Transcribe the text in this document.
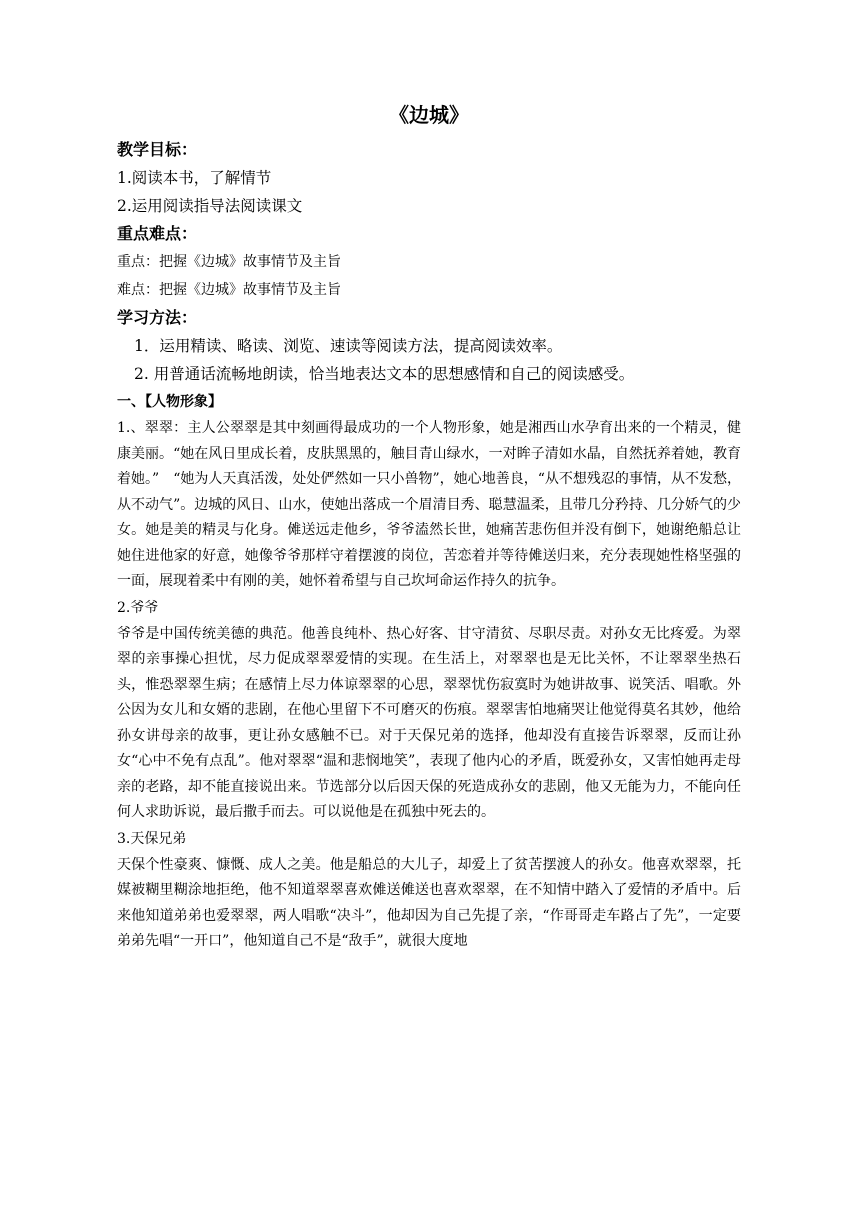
《边城》

教学目标：

1.阅读本书，了解情节

2.运用阅读指导法阅读课文

重点难点：

重点：把握《边城》故事情节及主旨

难点：把握《边城》故事情节及主旨

学习方法：

1．运用精读、略读、浏览、速读等阅读方法，提高阅读效率。

2. 用普通话流畅地朗读，恰当地表达文本的思想感情和自己的阅读感受。

一、【人物形象】

1.、翠翠：主人公翠翠是其中刻画得最成功的一个人物形象，她是湘西山水孕育出来的一个精灵，健康美丽。“她在风日里成长着，皮肤黑黑的，触目青山绿水，一对眸子清如水晶，自然抚养着她，教育着她。”　“她为人天真活泼，处处俨然如一只小兽物”，她心地善良，“从不想残忍的事情，从不发愁，从不动气”。边城的风日、山水，使她出落成一个眉清目秀、聪慧温柔，且带几分矜持、几分娇气的少女。她是美的精灵与化身。傩送远走他乡，爷爷溘然长世，她痛苦悲伤但并没有倒下，她谢绝船总让她住进他家的好意，她像爷爷那样守着摆渡的岗位，苦恋着并等待傩送归来，充分表现她性格坚强的一面，展现着柔中有刚的美，她怀着希望与自己坎坷命运作持久的抗争。

2.爷爷

爷爷是中国传统美德的典范。他善良纯朴、热心好客、甘守清贫、尽职尽责。对孙女无比疼爱。为翠翠的亲事操心担忧，尽力促成翠翠爱情的实现。在生活上，对翠翠也是无比关怀，不让翠翠坐热石头，惟恐翠翠生病；在感情上尽力体谅翠翠的心思，翠翠忧伤寂寞时为她讲故事、说笑活、唱歌。外公因为女儿和女婿的悲剧，在他心里留下不可磨灭的伤痕。翠翠害怕地痛哭让他觉得莫名其妙，他给孙女讲母亲的故事，更让孙女感触不已。对于天保兄弟的选择，他却没有直接告诉翠翠，反而让孙女“心中不免有点乱”。他对翠翠“温和悲悯地笑”，表现了他内心的矛盾，既爱孙女，又害怕她再走母亲的老路，却不能直接说出来。节选部分以后因天保的死造成孙女的悲剧，他又无能为力，不能向任何人求助诉说，最后撒手而去。可以说他是在孤独中死去的。

3.天保兄弟

天保个性豪爽、慷慨、成人之美。他是船总的大儿子，却爱上了贫苦摆渡人的孙女。他喜欢翠翠，托媒被糊里糊涂地拒绝，他不知道翠翠喜欢傩送傩送也喜欢翠翠，在不知情中踏入了爱情的矛盾中。后来他知道弟弟也爱翠翠，两人唱歌“决斗”，他却因为自己先提了亲，“作哥哥走车路占了先”，一定要弟弟先唱“一开口”，他知道自己不是“敌手”，就很大度地
